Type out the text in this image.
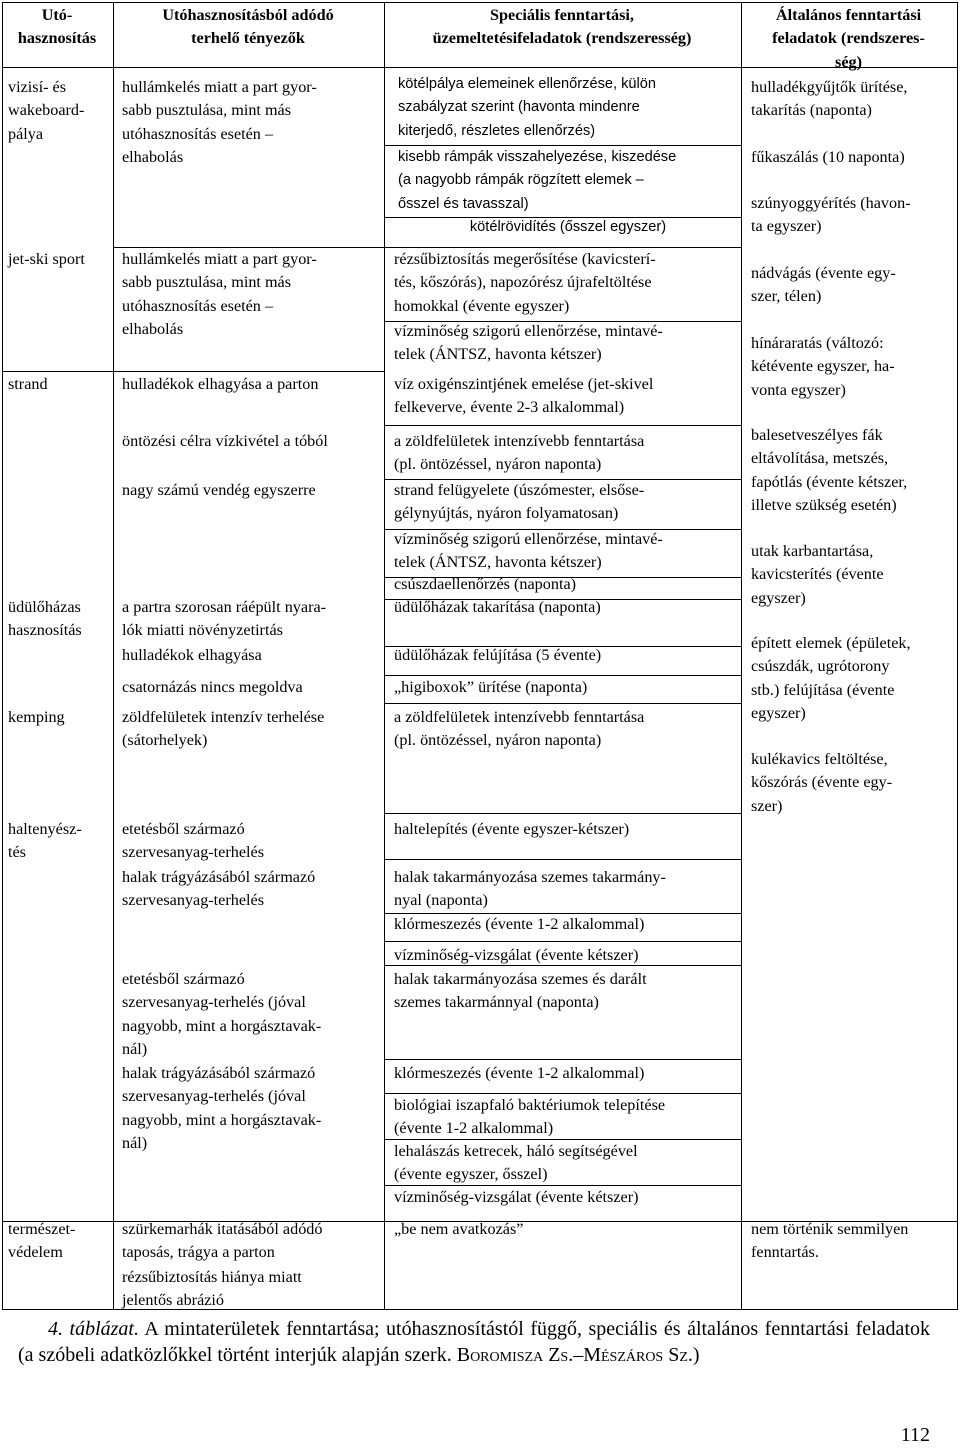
Utó-
hasznosítás
Utóhasznosításból adódó
terhelő tényezők
Speciális fenntartási,
üzemeltetésifeladatok (rendszeresség)
Általános fenntartási
feladatok (rendszeres-
ség)
vizisí- és
wakeboard-
pálya
jet-ski sport
strand
üdülőházas
hasznosítás
kemping
haltenyész-
tés
természet-
védelem
hullámkelés miatt a part gyor-
sabb pusztulása, mint más
utóhasznosítás esetén –
elhabolás
hullámkelés miatt a part gyor-
sabb pusztulása, mint más
utóhasznosítás esetén –
elhabolás
hulladékok elhagyása a parton
öntözési célra vízkivétel a tóból
nagy számú vendég egyszerre
a partra szorosan ráépült nyara-
lók miatti növényzetirtás
hulladékok elhagyása
csatornázás nincs megoldva
zöldfelületek intenzív terhelése
(sátorhelyek)
etetésből származó
szervesanyag-terhelés
halak trágyázásából származó
szervesanyag-terhelés
etetésből származó
szervesanyag-terhelés (jóval
nagyobb, mint a horgásztavak-
nál)
halak trágyázásából származó
szervesanyag-terhelés (jóval
nagyobb, mint a horgásztavak-
nál)
szürkemarhák itatásából adódó
taposás, trágya a parton
rézsűbiztosítás hiánya miatt
jelentős abrázió
kötélpálya elemeinek ellenőrzése, külön
szabályzat szerint (havonta mindenre
kiterjedő, részletes ellenőrzés)
kisebb rámpák visszahelyezése, kiszedése
(a nagyobb rámpák rögzített elemek –
ősszel és tavasszal)
kötélrövidítés (ősszel egyszer)
rézsűbiztosítás megerősítése (kavicsterí-
tés, kőszórás), napozórész újrafeltöltése
homokkal (évente egyszer)
vízminőség szigorú ellenőrzése, mintavé-
telek (ÁNTSZ, havonta kétszer)
víz oxigénszintjének emelése (jet-skivel
felkeverve, évente 2-3 alkalommal)
a zöldfelületek intenzívebb fenntartása
(pl. öntözéssel, nyáron naponta)
strand felügyelete (úszómester, elsőse-
gélynyújtás, nyáron folyamatosan)
vízminőség szigorú ellenőrzése, mintavé-
telek (ÁNTSZ, havonta kétszer)
csúszdaellenőrzés (naponta)
üdülőházak takarítása (naponta)
üdülőházak felújítása (5 évente)
„higiboxok” ürítése (naponta)
a zöldfelületek intenzívebb fenntartása
(pl. öntözéssel, nyáron naponta)
haltelepítés (évente egyszer-kétszer)
halak takarmányozása szemes takarmány-
nyal (naponta)
klórmeszezés (évente 1-2 alkalommal)
vízminőség-vizsgálat (évente kétszer)
halak takarmányozása szemes és darált
szemes takarmánnyal (naponta)
klórmeszezés (évente 1-2 alkalommal)
biológiai iszapfaló baktériumok telepítése
(évente 1-2 alkalommal)
lehalászás ketrecek, háló segítségével
(évente egyszer, ősszel)
vízminőség-vizsgálat (évente kétszer)
„be nem avatkozás”
hulladékgyűjtők ürítése,
takarítás (naponta)
fűkaszálás (10 naponta)
szúnyoggyérítés (havon-
ta egyszer)
nádvágás (évente egy-
szer, télen)
hínáraratás (változó:
kétévente egyszer, ha-
vonta egyszer)
balesetveszélyes fák
eltávolítása, metszés,
fapótlás (évente kétszer,
illetve szükség esetén)
utak karbantartása,
kavicsterítés (évente
egyszer)
épített elemek (épületek,
csúszdák, ugrótorony
stb.) felújítása (évente
egyszer)
kulékavics feltöltése,
kőszórás (évente egy-
szer)
nem történik semmilyen
fenntartás.
4. táblázat. A mintaterületek fenntartása; utóhasznosítástól függő, speciális és általános fenntartási feladatok (a szóbeli adatközlőkkel történt interjúk alapján szerk. Boromisza Zs.–Mészáros Sz.)
112
